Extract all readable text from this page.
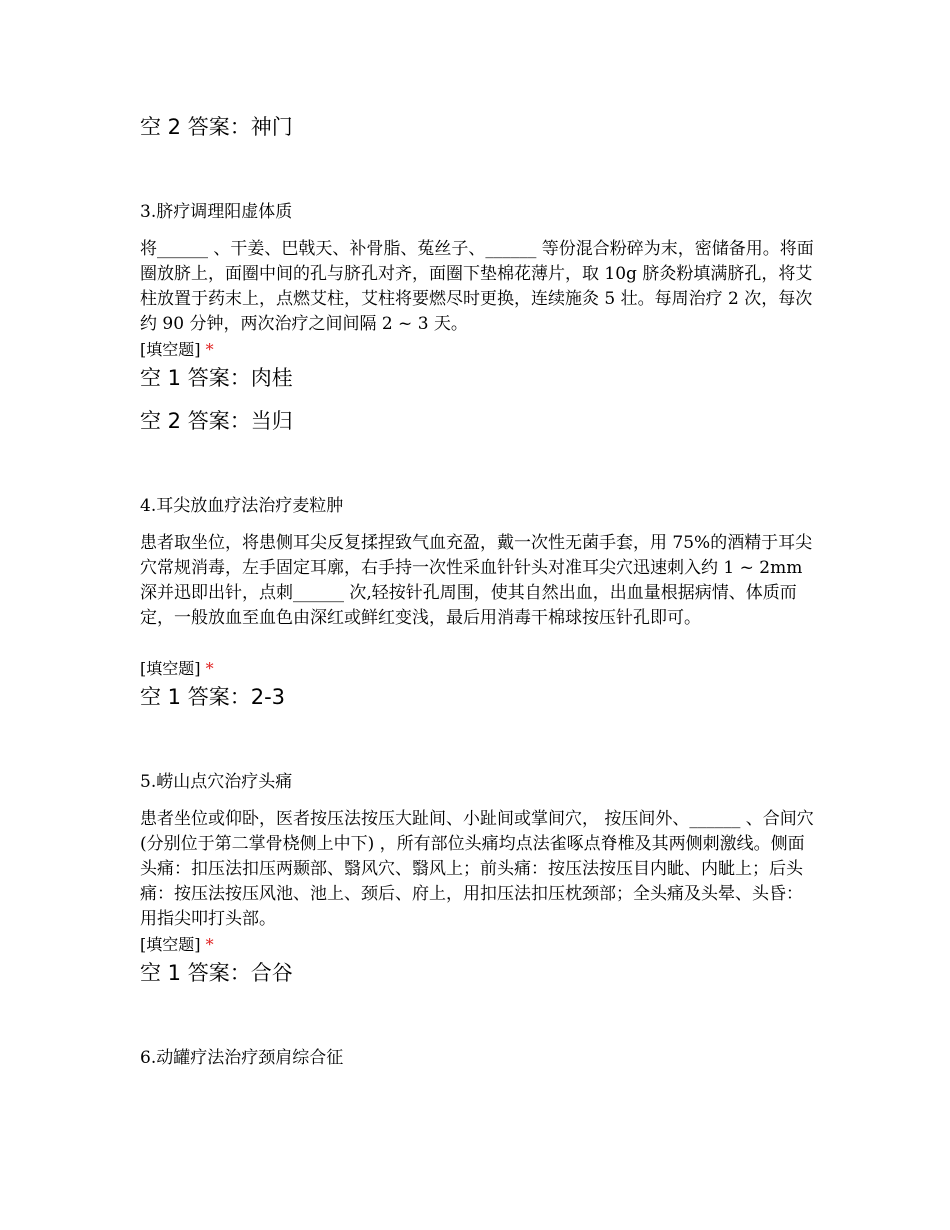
空 2 答案：神门

3.脐疗调理阳虚体质

将______ 、干姜、巴戟天、补骨脂、菟丝子、______ 等份混合粉碎为末，密储备用。将面圈放脐上，面圈中间的孔与脐孔对齐，面圈下垫棉花薄片，取 10g 脐灸粉填满脐孔，将艾柱放置于药末上，点燃艾柱，艾柱将要燃尽时更换，连续施灸 5 壮。每周治疗 2 次，每次约 90 分钟，两次治疗之间间隔 2 ~ 3 天。

[填空题] *

空 1 答案：肉桂

空 2 答案：当归

4.耳尖放血疗法治疗麦粒肿

患者取坐位，将患侧耳尖反复揉捏致气血充盈，戴一次性无菌手套，用 75%的酒精于耳尖穴常规消毒，左手固定耳廓，右手持一次性采血针针头对准耳尖穴迅速刺入约 1 ~ 2mm 深并迅即出针，点刺______ 次,轻按针孔周围，使其自然出血，出血量根据病情、体质而定，一般放血至血色由深红或鲜红变浅，最后用消毒干棉球按压针孔即可。

[填空题] *

空 1 答案：2-3

5.崂山点穴治疗头痛

患者坐位或仰卧，医者按压法按压大趾间、小趾间或掌间穴， 按压间外、______ 、合间穴 (分别位于第二掌骨桡侧上中下) ，所有部位头痛均点法雀啄点脊椎及其两侧刺激线。侧面头痛：扣压法扣压两颞部、翳风穴、翳风上；前头痛：按压法按压目内眦、内眦上；后头痛：按压法按压风池、池上、颈后、府上，用扣压法扣压枕颈部；全头痛及头晕、头昏：用指尖叩打头部。

[填空题] *

空 1 答案：合谷

6.动罐疗法治疗颈肩综合征
